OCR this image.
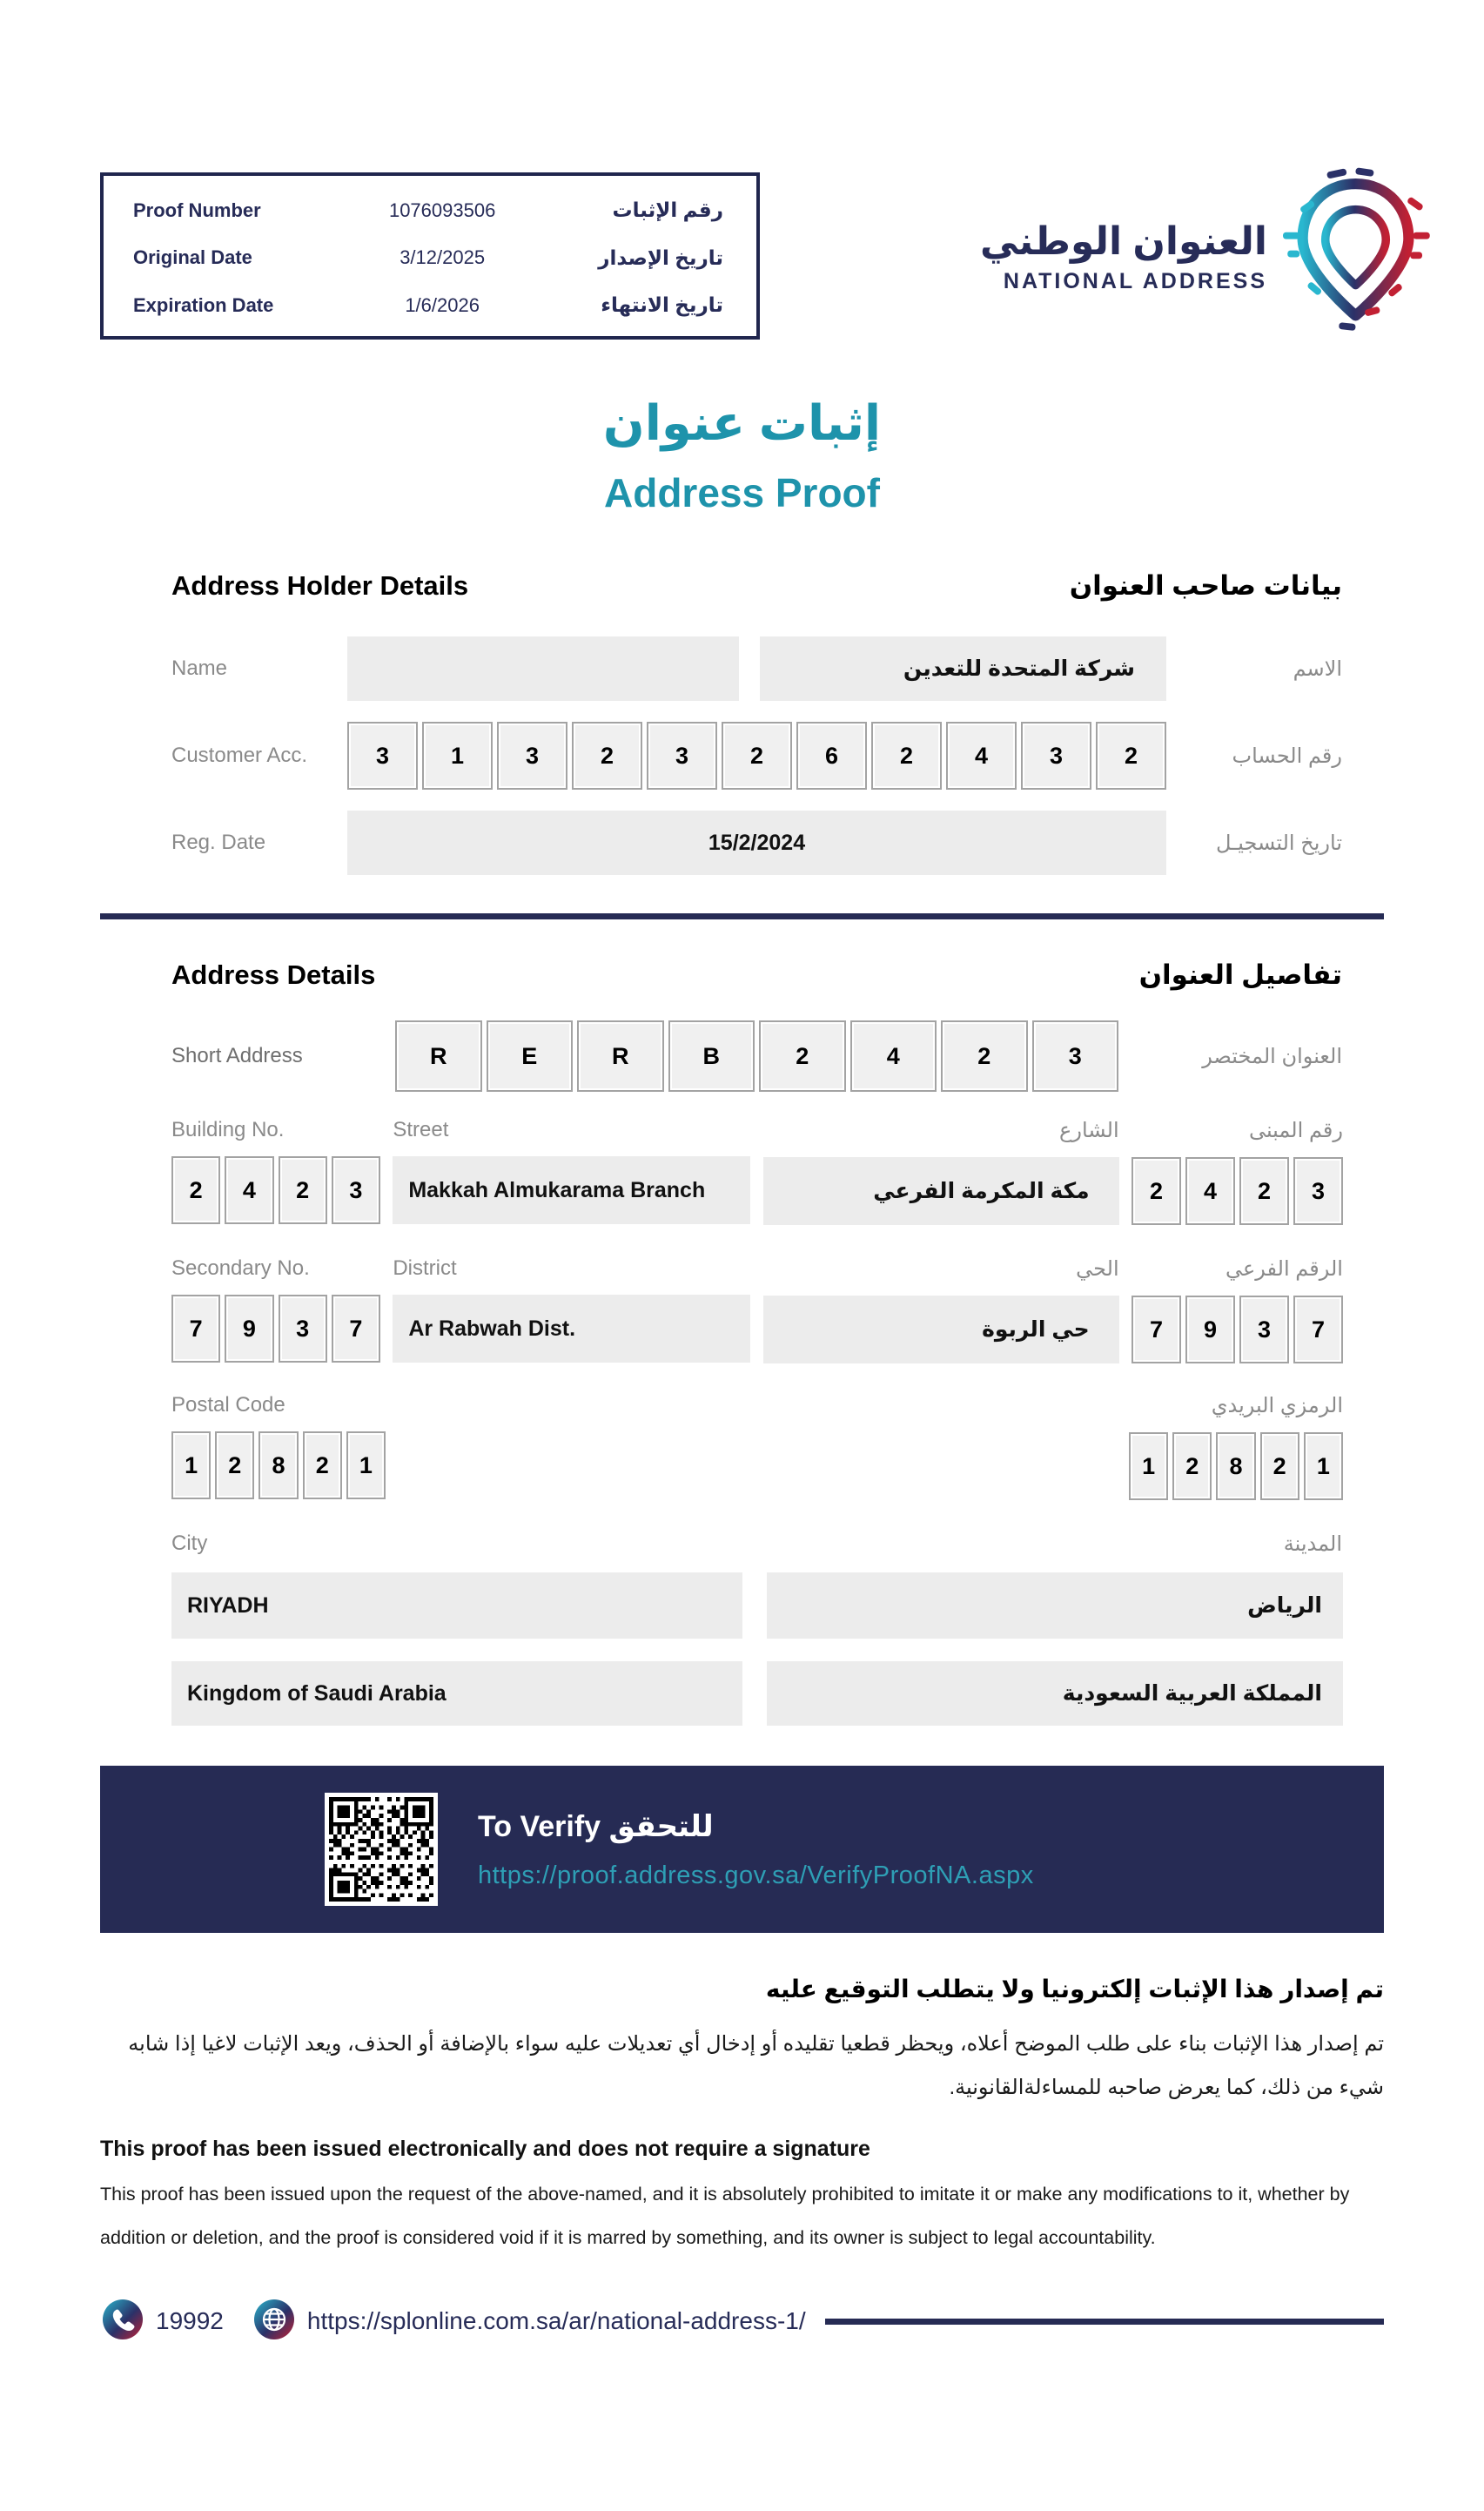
Proof Number	1076093506	رقم الإثبات
Original Date	3/12/2025	تاريخ الإصدار
Expiration Date	1/6/2026	تاريخ الانتهاء
العنوان الوطني
NATIONAL ADDRESS
إثبات عنوان
Address Proof
Address Holder Details	بيانات صاحب العنوان
Name	شركة المتحدة للتعدين	الاسم
Customer Acc.	3	1	3	2	3	2	6	2	4	3	2	رقم الحساب
Reg. Date	15/2/2024	تاريخ التسجيـل
Address Details	تفاصيل العنوان
Short Address	R	E	R	B	2	4	2	3	العنوان المختصر
Building No.
2	4	2	3
Street
Makkah Almukarama Branch
الشارع
مكة المكرمة الفرعي
رقم المبنى
2	4	2	3
Secondary No.
7	9	3	7
District
Ar Rabwah Dist.
الحي
حي الربوة
الرقم الفرعي
7	9	3	7
Postal Code
1	2	8	2	1
الرمزي البريدي
1	2	8	2	1
City	المدينة
RIYADH	الرياض
Kingdom of Saudi Arabia	المملكة العربية السعودية
To Verify للتحقق
https://proof.address.gov.sa/VerifyProofNA.aspx
تم إصدار هذا الإثبات إلكترونيا ولا يتطلب التوقيع عليه
تم إصدار هذا الإثبات بناء على طلب الموضح أعلاه، ويحظر قطعيا تقليده أو إدخال أي تعديلات عليه سواء بالإضافة أو الحذف، ويعد الإثبات لاغيا إذا شابه شيء من ذلك، كما يعرض صاحبه للمساءلةالقانونية.
This proof has been issued electronically and does not require a signature
This proof has been issued upon the request of the above-named, and it is absolutely prohibited to imitate it or make any modifications to it, whether by addition or deletion, and the proof is considered void if it is marred by something, and its owner is subject to legal accountability.
19992	https://splonline.com.sa/ar/national-address-1/
